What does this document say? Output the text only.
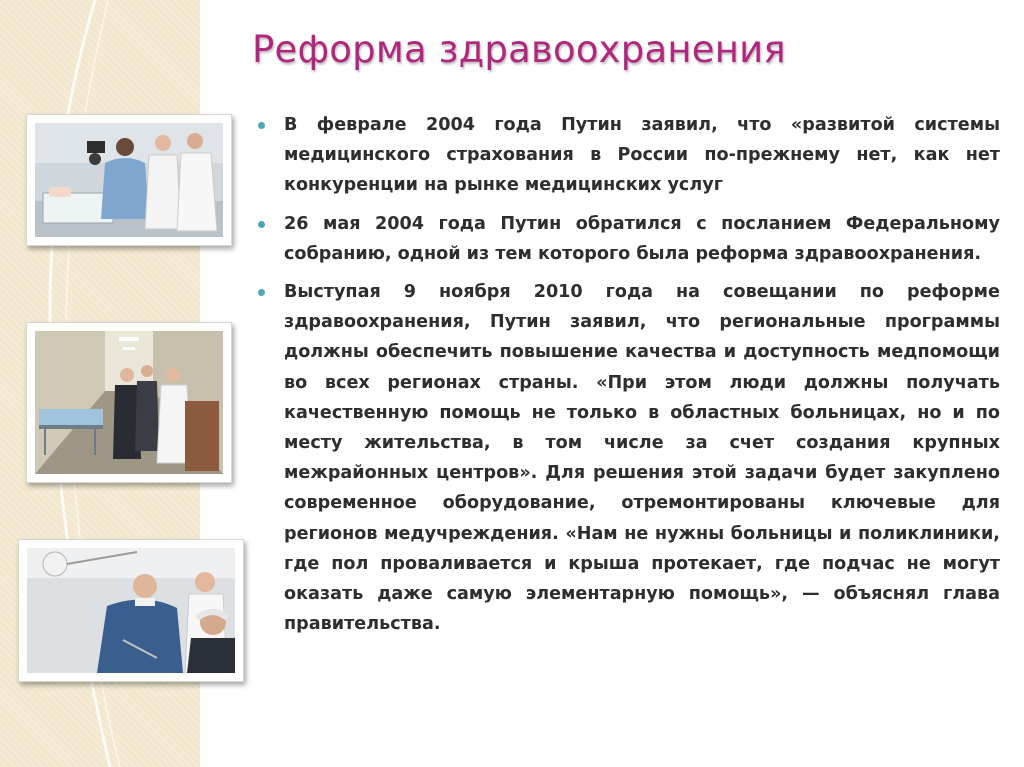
Реформа здравоохранения
В феврале 2004 года Путин заявил, что «развитой системы медицинского страхования в России по-прежнему нет, как нет конкуренции на рынке медицинских услуг
26 мая 2004 года Путин обратился с посланием Федеральному собранию, одной из тем которого была реформа здравоохранения.
Выступая 9 ноября 2010 года на совещании по реформе здравоохранения, Путин заявил, что региональные программы должны обеспечить повышение качества и доступность медпомощи во всех регионах страны. «При этом люди должны получать качественную помощь не только в областных больницах, но и по месту жительства, в том числе за счет создания крупных межрайонных центров». Для решения этой задачи будет закуплено современное оборудование, отремонтированы ключевые для регионов медучреждения. «Нам не нужны больницы и поликлиники, где пол проваливается и крыша протекает, где подчас не могут оказать даже самую элементарную помощь», — объяснял глава правительства.
